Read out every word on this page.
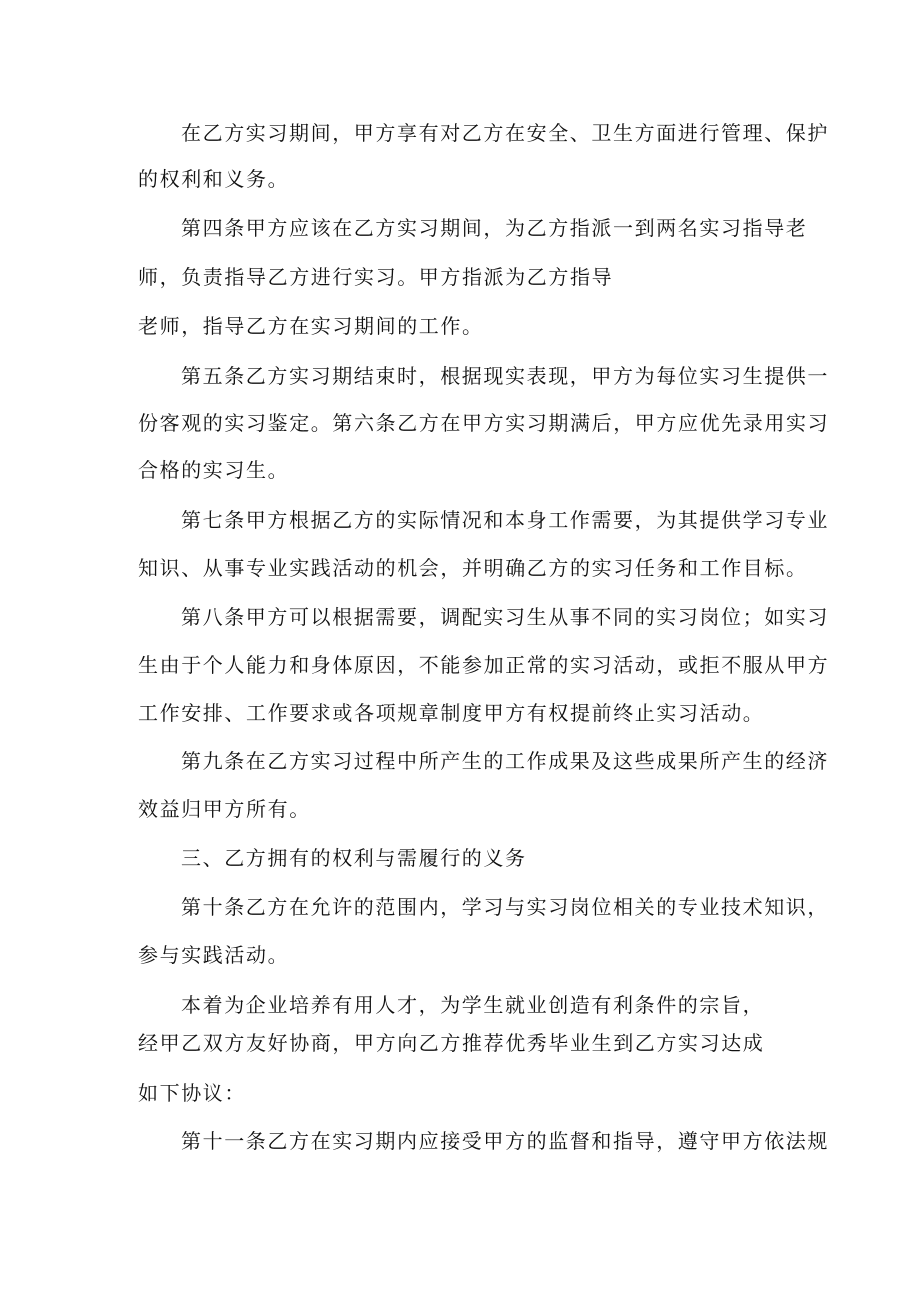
在乙方实习期间，甲方享有对乙方在安全、卫生方面进行管理、保护
的权利和义务。
第四条甲方应该在乙方实习期间，为乙方指派一到两名实习指导老
师，负责指导乙方进行实习。甲方指派为乙方指导
老师，指导乙方在实习期间的工作。
第五条乙方实习期结束时，根据现实表现，甲方为每位实习生提供一
份客观的实习鉴定。第六条乙方在甲方实习期满后，甲方应优先录用实习
合格的实习生。
第七条甲方根据乙方的实际情况和本身工作需要，为其提供学习专业
知识、从事专业实践活动的机会，并明确乙方的实习任务和工作目标。
第八条甲方可以根据需要，调配实习生从事不同的实习岗位；如实习
生由于个人能力和身体原因，不能参加正常的实习活动，或拒不服从甲方
工作安排、工作要求或各项规章制度甲方有权提前终止实习活动。
第九条在乙方实习过程中所产生的工作成果及这些成果所产生的经济
效益归甲方所有。
三、乙方拥有的权利与需履行的义务
第十条乙方在允许的范围内，学习与实习岗位相关的专业技术知识，
参与实践活动。
本着为企业培养有用人才，为学生就业创造有利条件的宗旨，
经甲乙双方友好协商，甲方向乙方推荐优秀毕业生到乙方实习达成
如下协议：
第十一条乙方在实习期内应接受甲方的监督和指导，遵守甲方依法规
